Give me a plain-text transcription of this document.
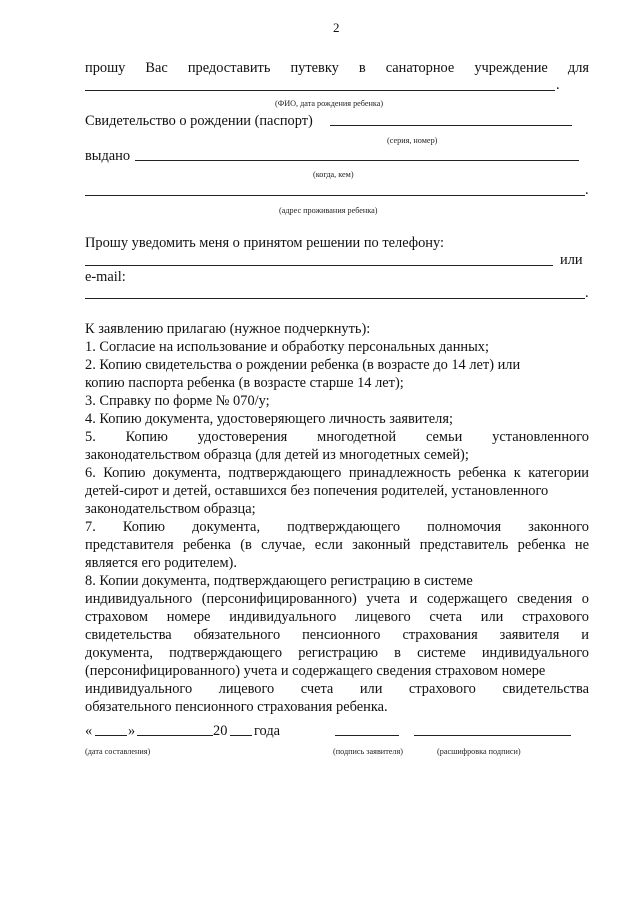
2
прошу Вас предоставить путевку в санаторное учреждение для
.
(ФИО, дата рождения ребенка)
Свидетельство о рождении (паспорт)
(серия, номер)
выдано
(когда, кем)
.
(адрес проживания ребенка)
Прошу уведомить меня о принятом решении по телефону:
или
e-mail:
.
К заявлению прилагаю (нужное подчеркнуть):
1. Согласие на использование и обработку персональных данных;
2. Копию свидетельства о рождении ребенка (в возрасте до 14 лет) или
копию паспорта ребенка (в возрасте старше 14 лет);
3. Справку по форме № 070/у;
4. Копию документа, удостоверяющего личность заявителя;
5. Копию удостоверения многодетной семьи установленного
законодательством образца (для детей из многодетных семей);
6. Копию документа, подтверждающего принадлежность ребенка к категории
детей-сирот и детей, оставшихся без попечения родителей, установленного
законодательством образца;
7. Копию документа, подтверждающего полномочия законного
представителя ребенка (в случае, если законный представитель ребенка не
является его родителем).
8. Копии документа, подтверждающего регистрацию в системе
индивидуального (персонифицированного) учета и содержащего сведения о
страховом номере индивидуального лицевого счета или страхового
свидетельства обязательного пенсионного страхования заявителя и
документа, подтверждающего регистрацию в системе индивидуального
(персонифицированного) учета и содержащего сведения страховом номере
индивидуального лицевого счета или страхового свидетельства
обязательного пенсионного страхования ребенка.
« »	20 года
(дата составления)	(подпись заявителя)	(расшифровка подписи)
